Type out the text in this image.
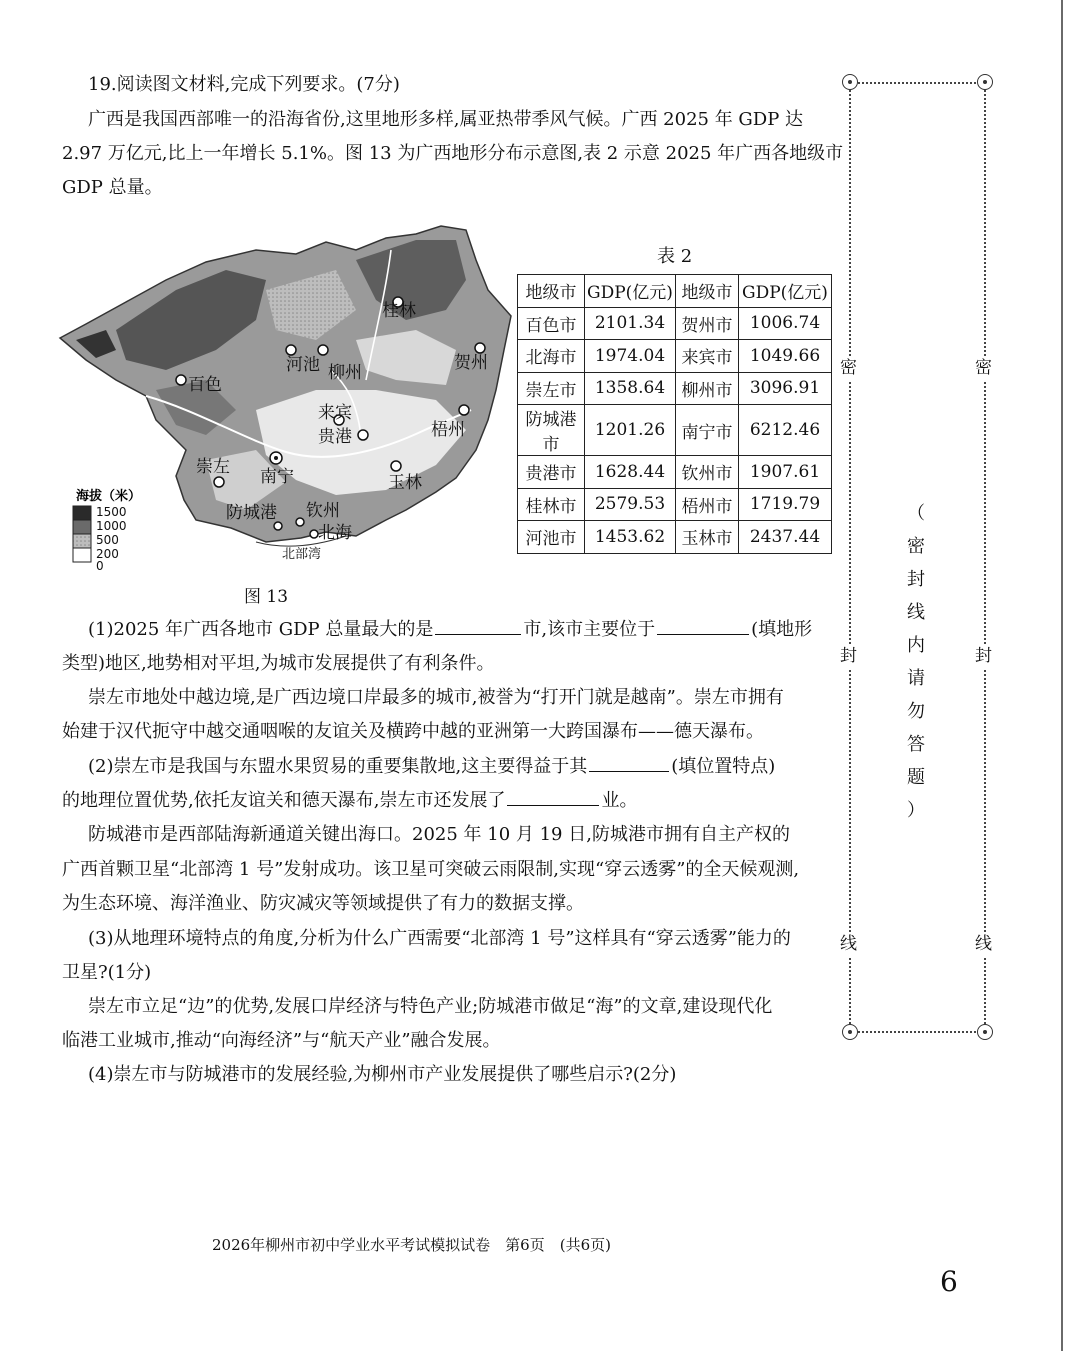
19.阅读图文材料,完成下列要求。(7分)
广西是我国西部唯一的沿海省份,这里地形多样,属亚热带季风气候。广西 2025 年 GDP 达
2.97 万亿元,比上一年增长 5.1%。图 13 为广西地形分布示意图,表 2 示意 2025 年广西各地级市
GDP 总量。
桂林
贺州
河池 柳州
百色
来宾
贵港	梧州
崇左 南宁	玉林
防城港 钦州
北海
北部湾
海拔（米）
1500
1000
500
200
0
图 13
表 2
地级市	GDP(亿元)	地级市	GDP(亿元)
百色市	2101.34	贺州市	1006.74
北海市	1974.04	来宾市	1049.66
崇左市	1358.64	柳州市	3096.91
防城港市	1201.26	南宁市	6212.46
贵港市	1628.44	钦州市	1907.61
桂林市	2579.53	梧州市	1719.79
河池市	1453.62	玉林市	2437.44
(1)2025 年广西各地市 GDP 总量最大的是	市,该市主要位于	(填地形
类型)地区,地势相对平坦,为城市发展提供了有利条件。
崇左市地处中越边境,是广西边境口岸最多的城市,被誉为“打开门就是越南”。崇左市拥有
始建于汉代扼守中越交通咽喉的友谊关及横跨中越的亚洲第一大跨国瀑布——德天瀑布。
(2)崇左市是我国与东盟水果贸易的重要集散地,这主要得益于其	(填位置特点)
的地理位置优势,依托友谊关和德天瀑布,崇左市还发展了	业。
防城港市是西部陆海新通道关键出海口。2025 年 10 月 19 日,防城港市拥有自主产权的
广西首颗卫星“北部湾 1 号”发射成功。该卫星可突破云雨限制,实现“穿云透雾”的全天候观测,
为生态环境、海洋渔业、防灾减灾等领域提供了有力的数据支撑。
(3)从地理环境特点的角度,分析为什么广西需要“北部湾 1 号”这样具有“穿云透雾”能力的
卫星?(1分)
崇左市立足“边”的优势,发展口岸经济与特色产业;防城港市做足“海”的文章,建设现代化
临港工业城市,推动“向海经济”与“航天产业”融合发展。
(4)崇左市与防城港市的发展经验,为柳州市产业发展提供了哪些启示?(2分)
密	密
封	封
线	线
（
密
封
线
内
请
勿
答
题
）
2026年柳州市初中学业水平考试模拟试卷　第6页　(共6页)
6
